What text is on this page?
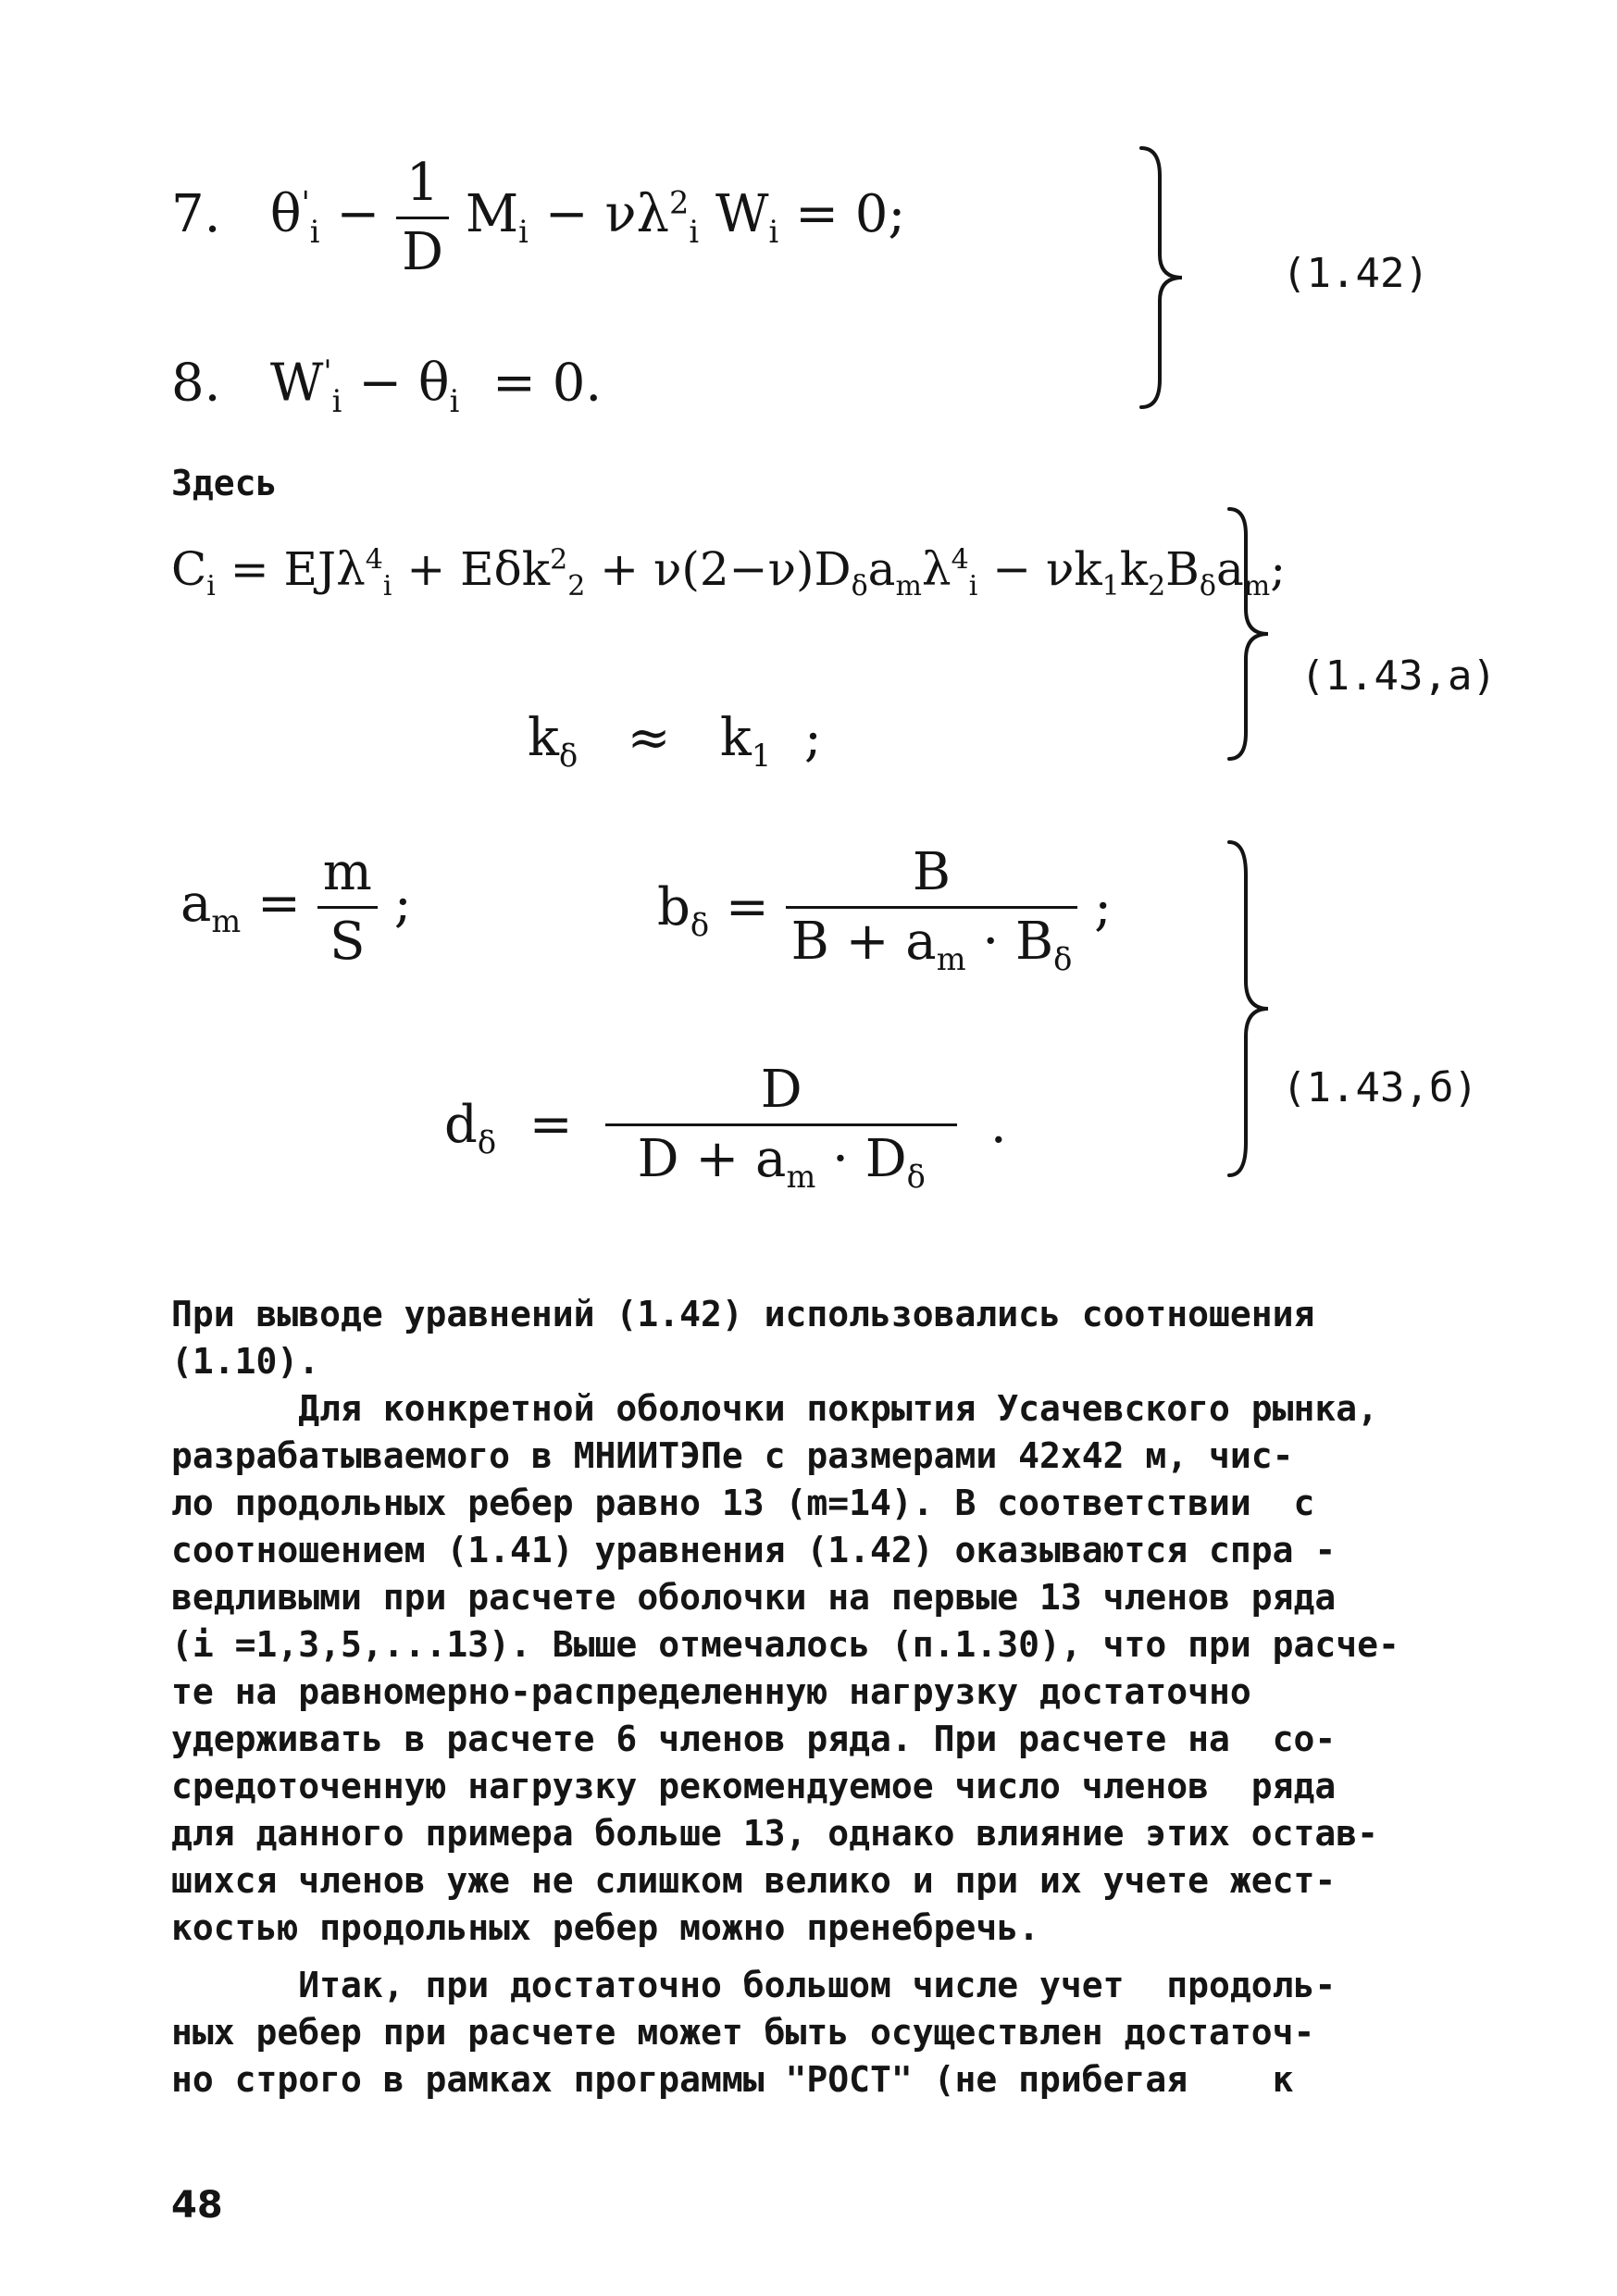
7. $\theta'_i - \frac{1}{D} M_i - \nu\lambda^2_i$ $W_i = 0$;
8. $W'_i - \theta_i = 0$.
(1.42)
Здесь
$C_i = EJ\lambda^4_i + E\delta k^2_2 + \nu(2-\nu)D_\delta a_m\lambda^4_i - \nu k_1k_2B_\delta a_m$;
$k_\delta \approx k_1$ ;
(1.43,a)
$a_m = \frac{m}{S}$ ;	$b_\delta = \frac{B}{B + a_m \cdot B_\delta}$ ;
$d_\delta = \frac{D}{D + a_m \cdot D_\delta}$ .
(1.43,б)
При выводе уравнений (1.42) использовались соотношения
(1.10).
Для конкретной оболочки покрытия Усачевского рынка,
разрабатываемого в МНИИТЭПе с размерами 42х42 м, чис-
ло продольных ребер равно 13 (m=14). В соответствии  с
соотношением (1.41) уравнения (1.42) оказываются спра -
ведливыми при расчете оболочки на первые 13 членов ряда
(i =1,3,5,...13). Выше отмечалось (п.1.30), что при расче-
те на равномерно-распределенную нагрузку достаточно
удерживать в расчете 6 членов ряда. При расчете на  со-
средоточенную нагрузку рекомендуемое число членов  ряда
для данного примера больше 13, однако влияние этих остав-
шихся членов уже не слишком велико и при их учете жест-
костью продольных ребер можно пренебречь.
Итак, при достаточно большом числе учет  продоль-
ных ребер при расчете может быть осуществлен достаточ-
но строго в рамках программы "РОСТ" (не прибегая    к
48
